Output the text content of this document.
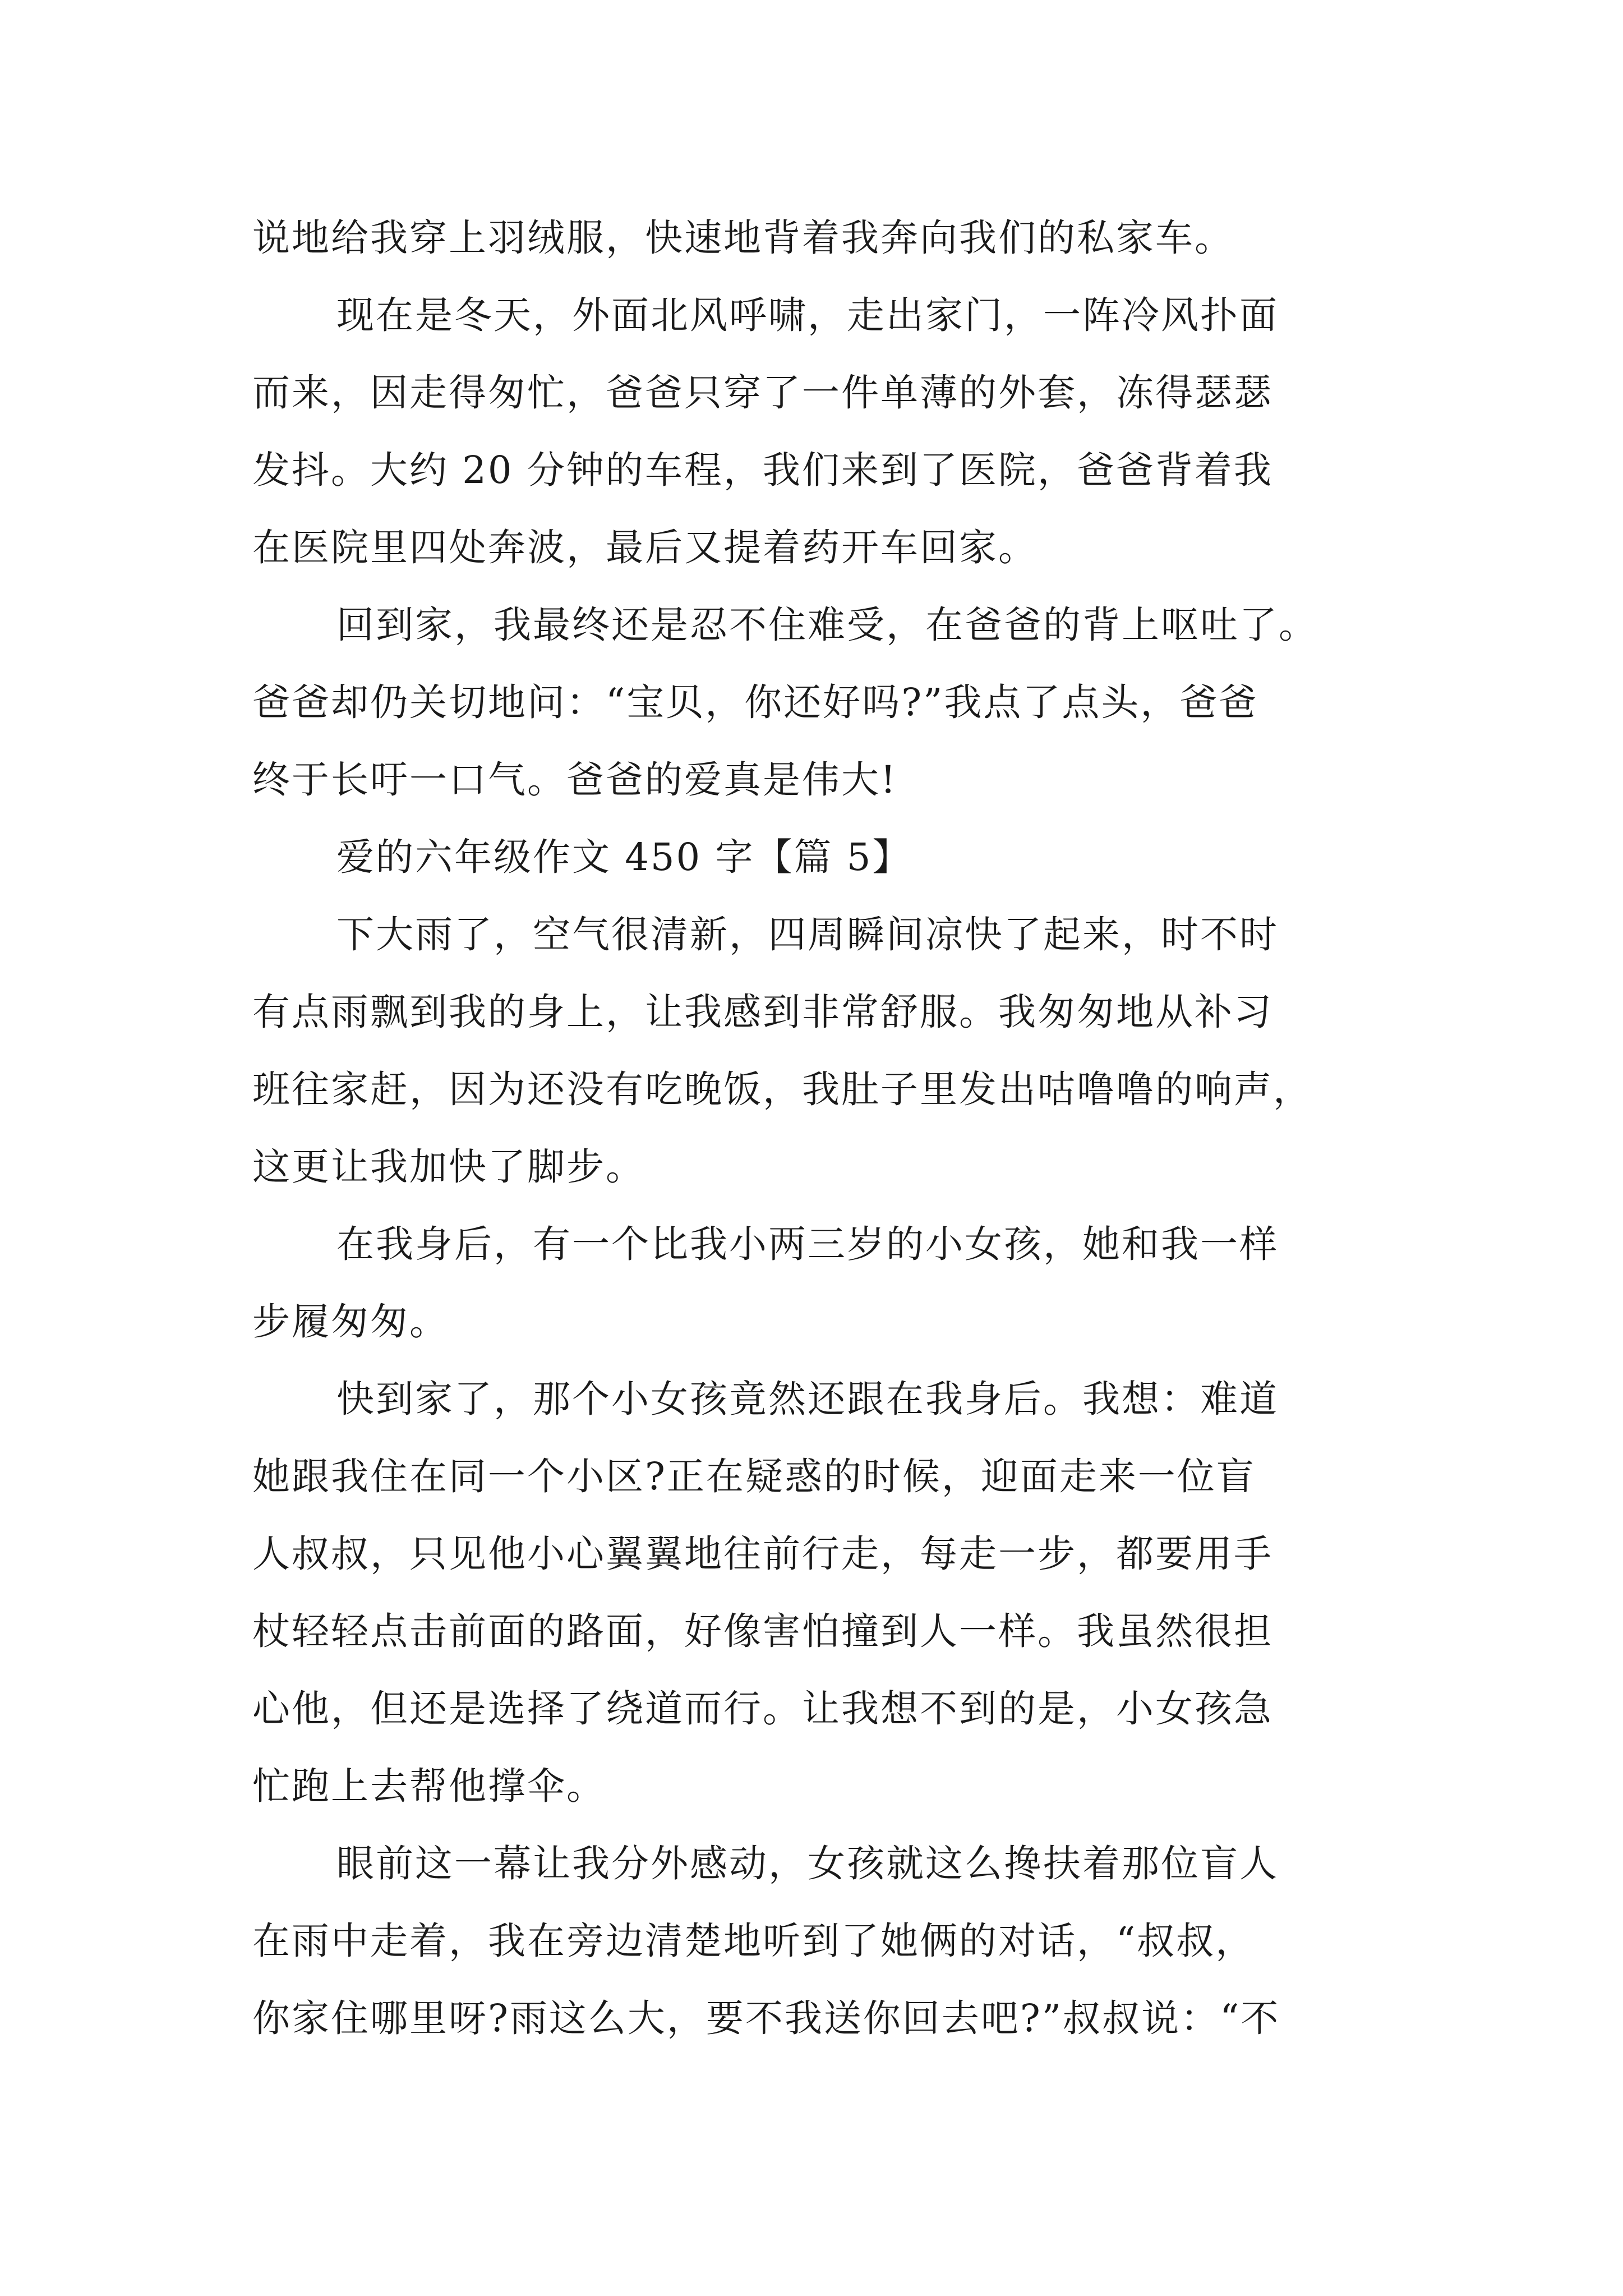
说地给我穿上羽绒服，快速地背着我奔向我们的私家车。
现在是冬天，外面北风呼啸，走出家门，一阵冷风扑面
而来，因走得匆忙，爸爸只穿了一件单薄的外套，冻得瑟瑟
发抖。大约 20 分钟的车程，我们来到了医院，爸爸背着我
在医院里四处奔波，最后又提着药开车回家。
回到家，我最终还是忍不住难受，在爸爸的背上呕吐了。
爸爸却仍关切地问：“宝贝，你还好吗?”我点了点头，爸爸
终于长吁一口气。爸爸的爱真是伟大!
爱的六年级作文 450 字【篇 5】
下大雨了，空气很清新，四周瞬间凉快了起来，时不时
有点雨飘到我的身上，让我感到非常舒服。我匆匆地从补习
班往家赶，因为还没有吃晚饭，我肚子里发出咕噜噜的响声，
这更让我加快了脚步。
在我身后，有一个比我小两三岁的小女孩，她和我一样
步履匆匆。
快到家了，那个小女孩竟然还跟在我身后。我想：难道
她跟我住在同一个小区?正在疑惑的时候，迎面走来一位盲
人叔叔，只见他小心翼翼地往前行走，每走一步，都要用手
杖轻轻点击前面的路面，好像害怕撞到人一样。我虽然很担
心他，但还是选择了绕道而行。让我想不到的是，小女孩急
忙跑上去帮他撑伞。
眼前这一幕让我分外感动，女孩就这么搀扶着那位盲人
在雨中走着，我在旁边清楚地听到了她俩的对话，“叔叔，
你家住哪里呀?雨这么大，要不我送你回去吧?”叔叔说：“不
